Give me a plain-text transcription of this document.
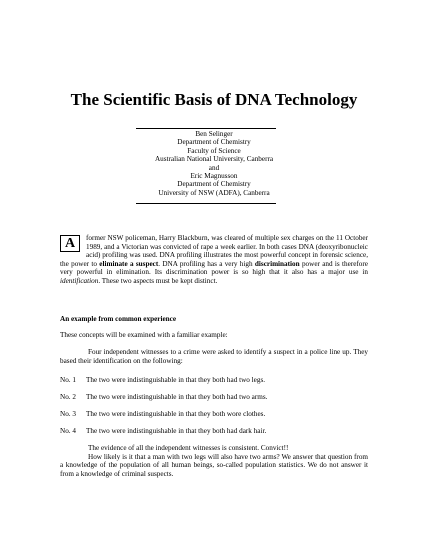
The Scientific Basis of DNA Technology
Ben Selinger
Department of Chemistry
Faculty of Science
Australian National University, Canberra
and
Eric Magnusson
Department of Chemistry
University of NSW (ADFA), Canberra
A	former NSW policeman, Harry Blackburn, was cleared of multiple sex charges on the 11 October 1989, and a Victorian was convicted of rape a week earlier. In both cases DNA (deoxyribonucleic acid) profiling was used. DNA profiling illustrates the most powerful concept in forensic science, the power to eliminate a suspect. DNA profiling has a very high discrimination power and is therefore very powerful in elimination. Its discrimination power is so high that it also has a major use in identification. These two aspects must be kept distinct.
An example from common experience
These concepts will be examined with a familiar example:
Four independent witnesses to a crime were asked to identify a suspect in a police line up. They based their identification on the following:
No. 1 The two were indistinguishable in that they both had two legs.
No. 2 The two were indistinguishable in that they both had two arms.
No. 3 The two were indistinguishable in that they both wore clothes.
No. 4 The two were indistinguishable in that they both had dark hair.
The evidence of all the independent witnesses is consistent. Convict!!
How likely is it that a man with two legs will also have two arms? We answer that question from a knowledge of the population of all human beings, so-called population statistics. We do not answer it from a knowledge of criminal suspects.
